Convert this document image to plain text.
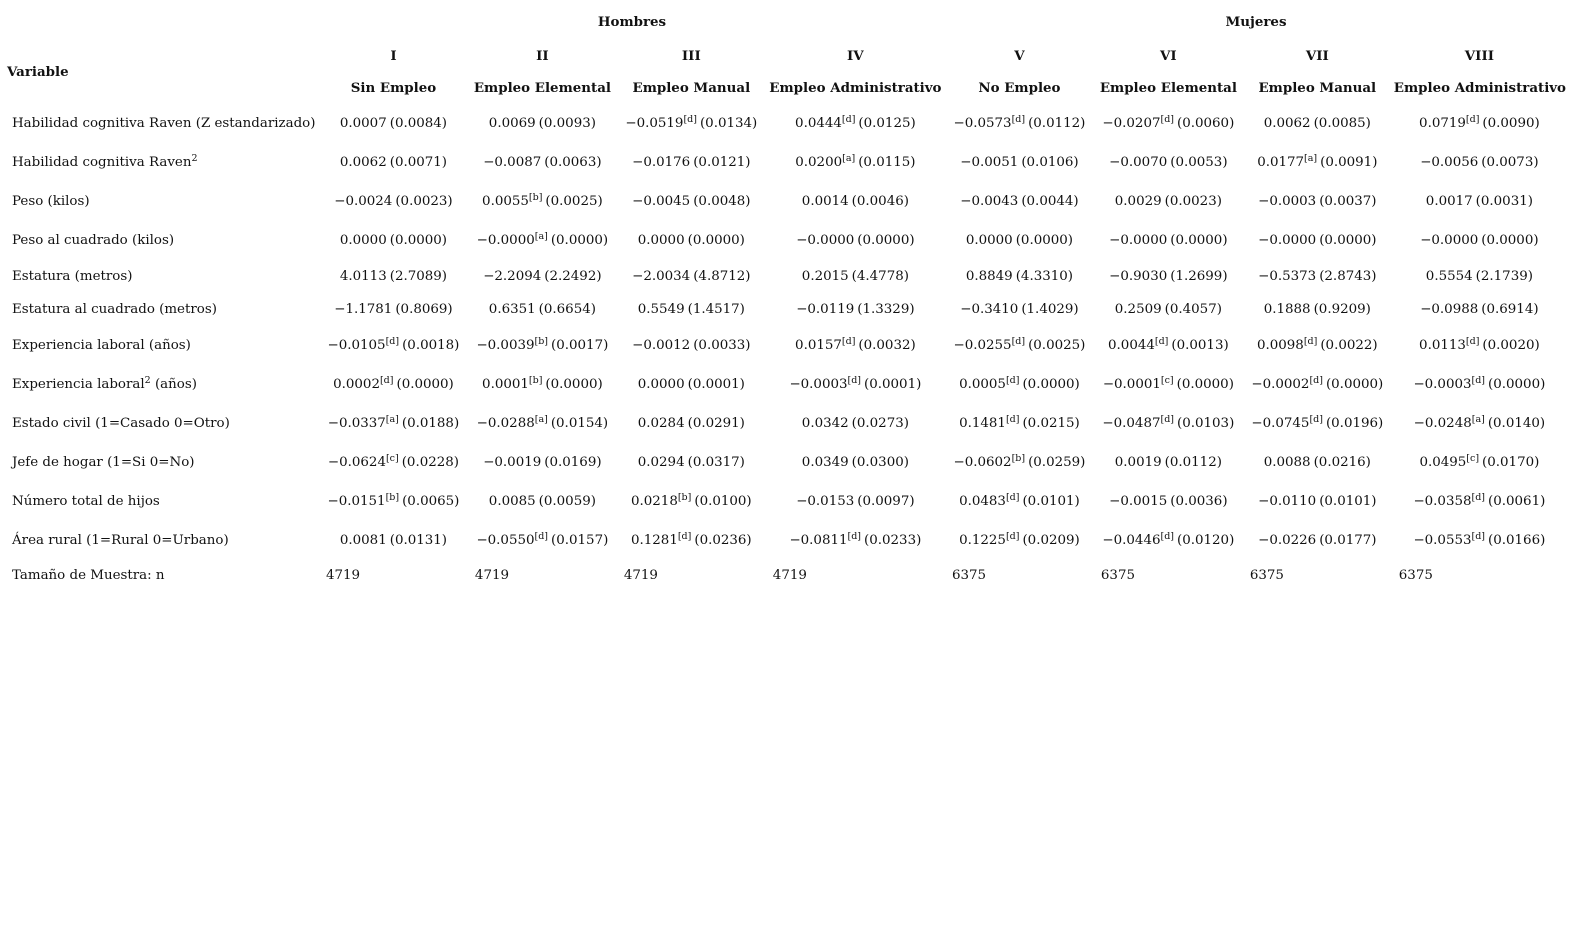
	Hombres				Mujeres			
Variable	I	II	III	IV	V	VI	VII	VIII
	Sin Empleo	Empleo Elemental	Empleo Manual	Empleo Administrativo	No Empleo	Empleo Elemental	Empleo Manual	Empleo Administrativo
Habilidad cognitiva Raven (Z estandarizado)	0.0007 (0.0084)	0.0069 (0.0093)	−0.0519[d] (0.0134)	0.0444[d] (0.0125)	−0.0573[d] (0.0112)	−0.0207[d] (0.0060)	0.0062 (0.0085)	0.0719[d] (0.0090)
Habilidad cognitiva Raven$^2$	0.0062 (0.0071)	−0.0087 (0.0063)	−0.0176 (0.0121)	0.0200[a] (0.0115)	−0.0051 (0.0106)	−0.0070 (0.0053)	0.0177[a] (0.0091)	−0.0056 (0.0073)
Peso (kilos)	−0.0024 (0.0023)	0.0055[b] (0.0025)	−0.0045 (0.0048)	0.0014 (0.0046)	−0.0043 (0.0044)	0.0029 (0.0023)	−0.0003 (0.0037)	0.0017 (0.0031)
Peso al cuadrado (kilos)	0.0000 (0.0000)	−0.0000[a] (0.0000)	0.0000 (0.0000)	−0.0000 (0.0000)	0.0000 (0.0000)	−0.0000 (0.0000)	−0.0000 (0.0000)	−0.0000 (0.0000)
Estatura (metros)	4.0113 (2.7089)	−2.2094 (2.2492)	−2.0034 (4.8712)	0.2015 (4.4778)	0.8849 (4.3310)	−0.9030 (1.2699)	−0.5373 (2.8743)	0.5554 (2.1739)
Estatura al cuadrado (metros)	−1.1781 (0.8069)	0.6351 (0.6654)	0.5549 (1.4517)	−0.0119 (1.3329)	−0.3410 (1.4029)	0.2509 (0.4057)	0.1888 (0.9209)	−0.0988 (0.6914)
Experiencia laboral (años)	−0.0105[d] (0.0018)	−0.0039[b] (0.0017)	−0.0012 (0.0033)	0.0157[d] (0.0032)	−0.0255[d] (0.0025)	0.0044[d] (0.0013)	0.0098[d] (0.0022)	0.0113[d] (0.0020)
Experiencia laboral$^2$ (años)	0.0002[d] (0.0000)	0.0001[b] (0.0000)	0.0000 (0.0001)	−0.0003[d] (0.0001)	0.0005[d] (0.0000)	−0.0001[c] (0.0000)	−0.0002[d] (0.0000)	−0.0003[d] (0.0000)
Estado civil (1=Casado 0=Otro)	−0.0337[a] (0.0188)	−0.0288[a] (0.0154)	0.0284 (0.0291)	0.0342 (0.0273)	0.1481[d] (0.0215)	−0.0487[d] (0.0103)	−0.0745[d] (0.0196)	−0.0248[a] (0.0140)
Jefe de hogar (1=Si 0=No)	−0.0624[c] (0.0228)	−0.0019 (0.0169)	0.0294 (0.0317)	0.0349 (0.0300)	−0.0602[b] (0.0259)	0.0019 (0.0112)	0.0088 (0.0216)	0.0495[c] (0.0170)
Número total de hijos	−0.0151[b] (0.0065)	0.0085 (0.0059)	0.0218[b] (0.0100)	−0.0153 (0.0097)	0.0483[d] (0.0101)	−0.0015 (0.0036)	−0.0110 (0.0101)	−0.0358[d] (0.0061)
Área rural (1=Rural 0=Urbano)	0.0081 (0.0131)	−0.0550[d] (0.0157)	0.1281[d] (0.0236)	−0.0811[d] (0.0233)	0.1225[d] (0.0209)	−0.0446[d] (0.0120)	−0.0226 (0.0177)	−0.0553[d] (0.0166)
Tamaño de Muestra: n	4719	4719	4719	4719	6375	6375	6375	6375
